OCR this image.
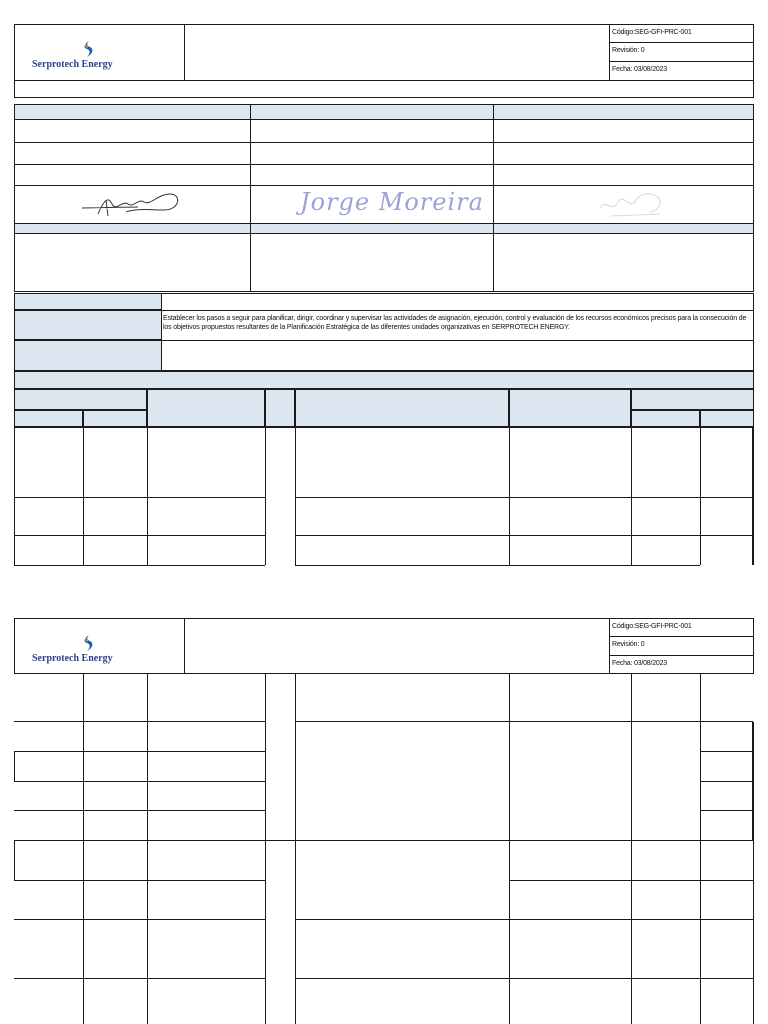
Serprotech Energy
Código:SEG-GFI-PRC-001
Revisión: 0
Fecha: 03/08/2023
Jorge Moreira
Establecer los pasos a seguir para planificar, dirigir, coordinar y supervisar las actividades de asignación, ejecución, control y evaluación de los recursos económicos precisos para la consecución de los objetivos propuestos resultantes de la Planificación Estratégica de las diferentes unidades organizativas en SERPROTECH ENERGY.
Serprotech Energy
Código:SEG-GFI-PRC-001
Revisión: 0
Fecha: 03/08/2023
